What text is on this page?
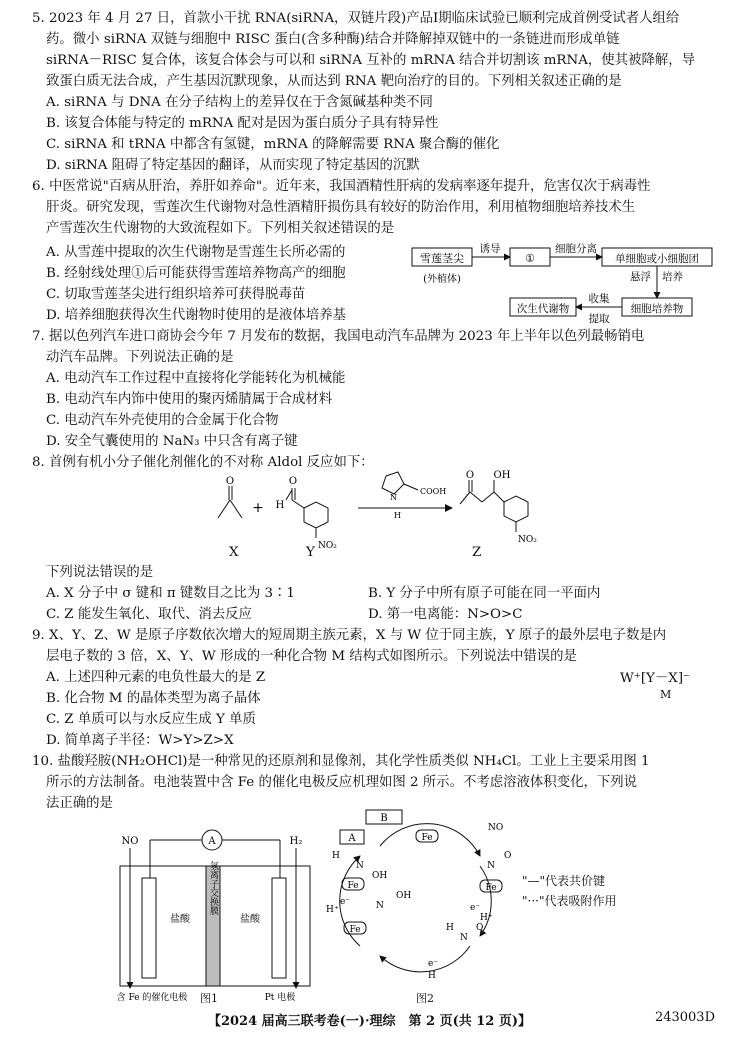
5. 2023 年 4 月 27 日，首款小干扰 RNA(siRNA，双链片段)产品Ⅰ期临床试验已顺利完成首例受试者人组给
药。微小 siRNA 双链与细胞中 RISC 蛋白(含多种酶)结合并降解掉双链中的一条链进而形成单链
siRNA－RISC 复合体，该复合体会与可以和 siRNA 互补的 mRNA 结合并切割该 mRNA，使其被降解，导
致蛋白质无法合成，产生基因沉默现象，从而达到 RNA 靶向治疗的目的。下列相关叙述正确的是
A. siRNA 与 DNA 在分子结构上的差异仅在于含氮碱基种类不同
B. 该复合体能与特定的 mRNA 配对是因为蛋白质分子具有特异性
C. siRNA 和 tRNA 中都含有氢键，mRNA 的降解需要 RNA 聚合酶的催化
D. siRNA 阻碍了特定基因的翻译，从而实现了特定基因的沉默
6. 中医常说"百病从肝治，养肝如养命"。近年来，我国酒精性肝病的发病率逐年提升，危害仅次于病毒性
肝炎。研究发现，雪莲次生代谢物对急性酒精肝损伤具有较好的防治作用，利用植物细胞培养技术生
产雪莲次生代谢物的大致流程如下。下列相关叙述错误的是
A. 从雪莲中提取的次生代谢物是雪莲生长所必需的
B. 经射线处理①后可能获得雪莲培养物高产的细胞
C. 切取雪莲茎尖进行组织培养可获得脱毒苗
D. 培养细胞获得次生代谢物时使用的是液体培养基
雪莲茎尖
(外植体)
诱导
①
细胞分离
单细胞或小细胞团
悬浮 培养
细胞培养物
收集
提取
次生代谢物
7. 据以色列汽车进口商协会今年 7 月发布的数据，我国电动汽车品牌为 2023 年上半年以色列最畅销电
动汽车品牌。下列说法正确的是
A. 电动汽车工作过程中直接将化学能转化为机械能
B. 电动汽车内饰中使用的聚丙烯腈属于合成材料
C. 电动汽车外壳使用的合金属于化合物
D. 安全气囊使用的 NaN₃ 中只含有离子键
8. 首例有机小分子催化剂催化的不对称 Aldol 反应如下：
O
+ H
O
NO₂
COOH
N
H
O OH
NO₂
X	Y	Z
下列说法错误的是
A. X 分子中 σ 键和 π 键数目之比为 3∶1	B. Y 分子中所有原子可能在同一平面内
C. Z 能发生氧化、取代、消去反应	D. 第一电离能：N>O>C
9. X、Y、Z、W 是原子序数依次增大的短周期主族元素，X 与 W 位于同主族，Y 原子的最外层电子数是内
层电子数的 3 倍，X、Y、W 形成的一种化合物 M 结构式如图所示。下列说法中错误的是
A. 上述四种元素的电负性最大的是 Z
B. 化合物 M 的晶体类型为离子晶体
C. Z 单质可以与水反应生成 Y 单质
D. 简单离子半径：W>Y>Z>X
W⁺[Y－X]⁻
M
10. 盐酸羟胺(NH₂OHCl)是一种常见的还原剂和显像剂，其化学性质类似 NH₄Cl。工业上主要采用图 1
所示的方法制备。电池装置中含 Fe 的催化电极反应机理如图 2 所示。不考虑溶液体积变化，下列说
法正确的是
NO	H₂
A
氢离子交换膜
盐酸	盐酸
含 Fe 的催化电极	Pt 电极
图1
B
A	Fe
NO
Fe
N
O
e⁻
H⁺
H
N
O
e⁻
H
N
OH
Fe
H⁺
e⁻
H
N
OH
Fe	"—"代表共价键
"···"代表吸附作用
图2
【2024 届高三联考卷(一)·理综　第 2 页(共 12 页)】	243003D
